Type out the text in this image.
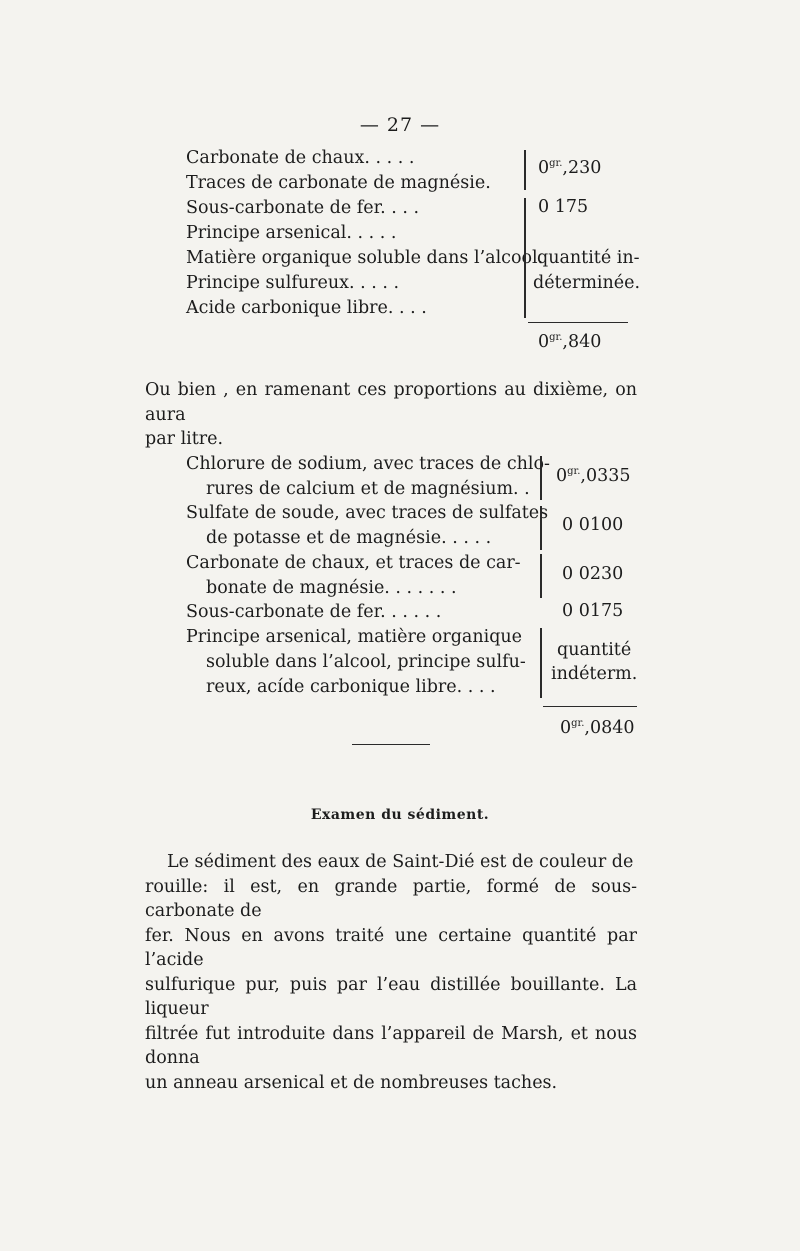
— 27 —
Carbonate de chaux. . . . .
Traces de carbonate de magnésie.
Sous-carbonate de fer. . . .
Principe arsenical. . . . .
Matière organique soluble dans l’alcool.
Principe sulfureux. . . . .
Acide carbonique libre. . . .
$0^{gr.},230$
0 175
quantité in-
déterminée.
$0^{gr.},840$
Ou bien , en ramenant ces proportions au dixième, on aura
par litre.
Chlorure de sodium, avec traces de chlo-
rures de calcium et de magnésium. .
Sulfate de soude, avec traces de sulfates
de potasse et de magnésie. . . . .
Carbonate de chaux, et traces de car-
bonate de magnésie. . . . . . .
Sous-carbonate de fer. . . . . .
Principe arsenical, matière organique
soluble dans l’alcool, principe sulfu-
reux, acíde carbonique libre. . . .
$0^{gr.},0335$
0 0100
0 0230
0 0175
quantité
indéterm.
$0^{gr.},0840$
Examen du sédiment.
Le sédiment des eaux de Saint-Dié est de couleur de
rouille: il est, en grande partie, formé de sous-carbonate de
fer. Nous en avons traité une certaine quantité par l’acide
sulfurique pur, puis par l’eau distillée bouillante. La liqueur
filtrée fut introduite dans l’appareil de Marsh, et nous donna
un anneau arsenical et de nombreuses taches.
